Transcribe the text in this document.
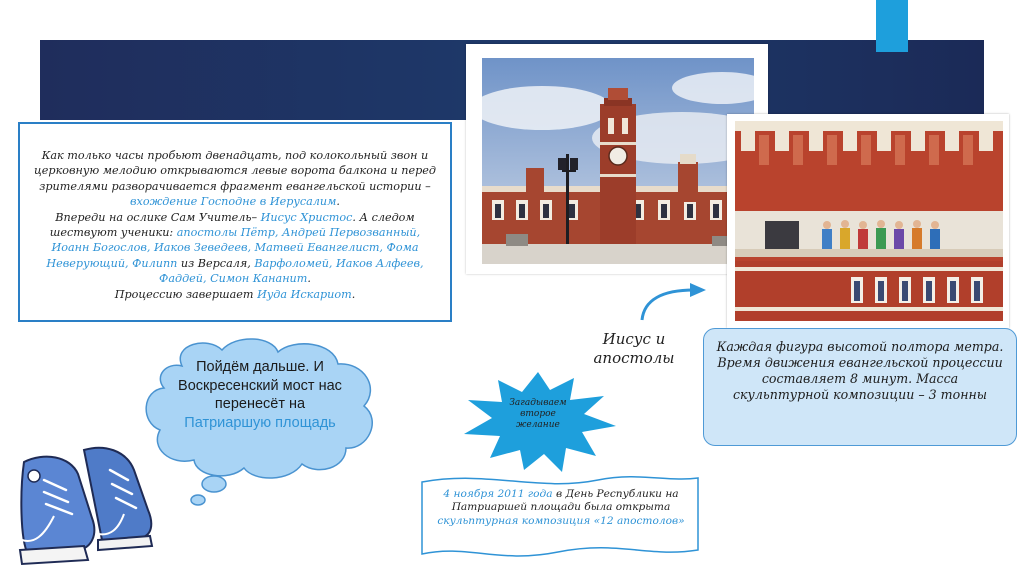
Как только часы пробьют двенадцать, под колокольный звон и церковную мелодию открываются левые ворота балкона и перед зрителями разворачивается фрагмент евангельской истории – вхождение Господне в Иерусалим.
Впереди на ослике Сам Учитель– Иисус Христос. А следом шествуют ученики: апостолы Пётр, Андрей Первозванный, Иоанн Богослов, Иаков Зеведеев, Матвей Евангелист, Фома Неверующий, Филипп из Версаля, Варфоломей, Иаков Алфеев, Фаддей, Симон Кананит.
Процессию завершает Иуда Искариот.
Иисус и апостолы
Каждая фигура высотой полтора метра. Время движения евангельской процессии составляет 8 минут. Масса скульптурной композиции – 3 тонны
Пойдём дальше. И Воскресенский мост нас перенесёт на Патриаршую площадь
Загадываем второе желание
4 ноября 2011 года в День Республики на Патриаршей площади была открыта скульптурная композиция «12 апостолов»
